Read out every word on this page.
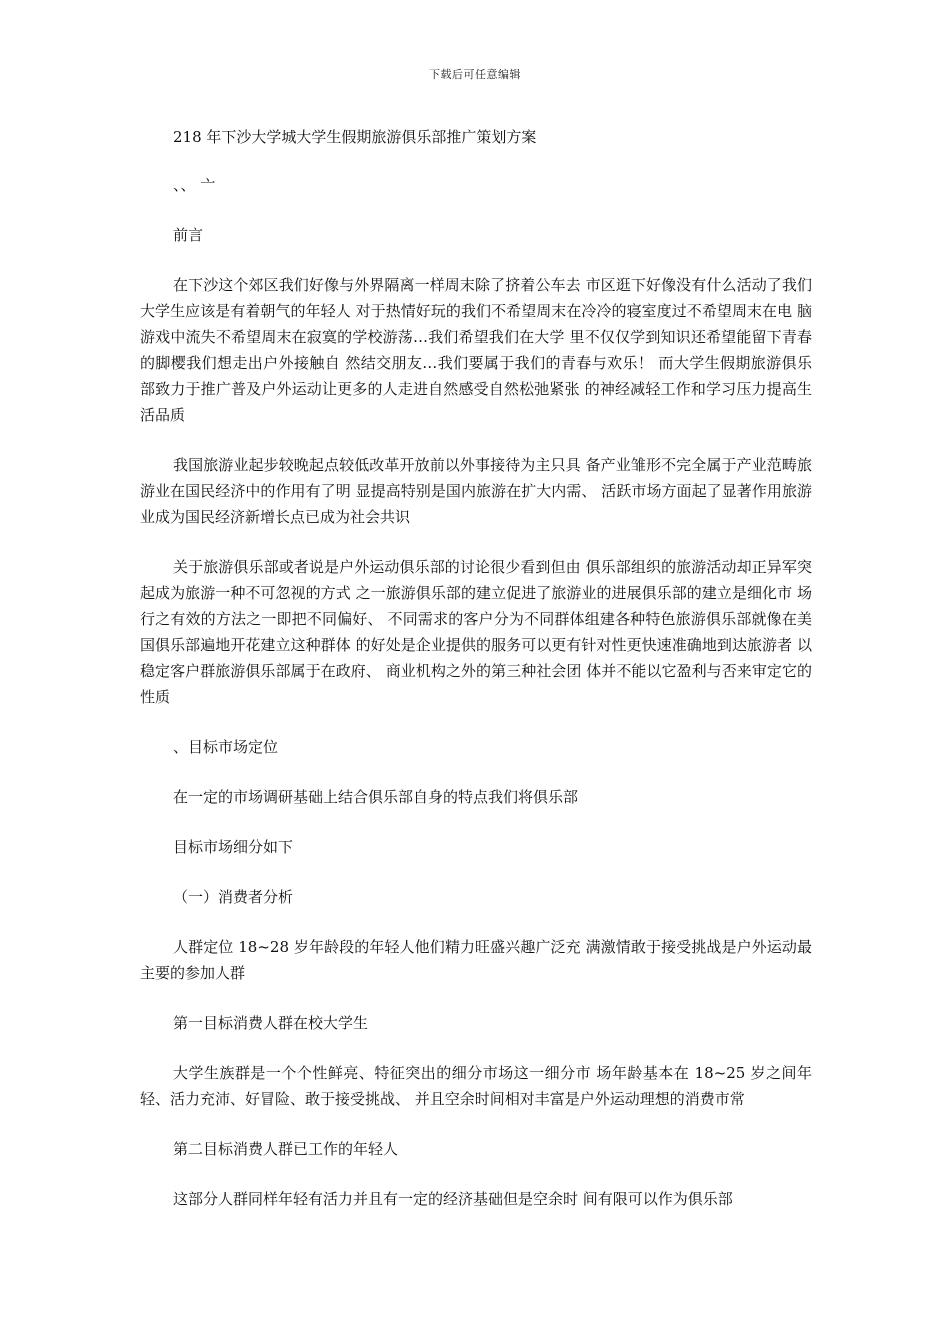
下载后可任意编辑

218 年下沙大学城大学生假期旅游俱乐部推广策划方案

、、 亠

前言

在下沙这个郊区我们好像与外界隔离一样周末除了挤着公车去 市区逛下好像没有什么活动了我们大学生应该是有着朝气的年轻人 对于热情好玩的我们不希望周末在冷冷的寝室度过不希望周末在电 脑游戏中流失不希望周末在寂寞的学校游荡…我们希望我们在大学 里不仅仅学到知识还希望能留下青春的脚樱我们想走出户外接触自 然结交朋友…我们要属于我们的青春与欢乐！ 而大学生假期旅游俱乐 部致力于推广普及户外运动让更多的人走进自然感受自然松弛紧张 的神经减轻工作和学习压力提高生活品质

我国旅游业起步较晚起点较低改革开放前以外事接待为主只具 备产业雏形不完全属于产业范畴旅游业在国民经济中的作用有了明 显提高特别是国内旅游在扩大内需、 活跃市场方面起了显著作用旅游 业成为国民经济新增长点已成为社会共识

关于旅游俱乐部或者说是户外运动俱乐部的讨论很少看到但由 俱乐部组织的旅游活动却正异军突起成为旅游一种不可忽视的方式 之一旅游俱乐部的建立促进了旅游业的进展俱乐部的建立是细化市 场行之有效的方法之一即把不同偏好、 不同需求的客户分为不同群体组建各种特色旅游俱乐部就像在美国俱乐部遍地开花建立这种群体 的好处是企业提供的服务可以更有针对性更快速准确地到达旅游者 以稳定客户群旅游俱乐部属于在政府、 商业机构之外的第三种社会团 体并不能以它盈利与否来审定它的性质

、目标市场定位

在一定的市场调研基础上结合俱乐部自身的特点我们将俱乐部

目标市场细分如下

（一）消费者分析

人群定位 18~28 岁年龄段的年轻人他们精力旺盛兴趣广泛充 满激情敢于接受挑战是户外运动最主要的参加人群

第一目标消费人群在校大学生

大学生族群是一个个性鲜亮、特征突出的细分市场这一细分市 场年龄基本在 18~25 岁之间年轻、活力充沛、好冒险、敢于接受挑战、 并且空余时间相对丰富是户外运动理想的消费市常

第二目标消费人群已工作的年轻人

这部分人群同样年轻有活力并且有一定的经济基础但是空余时 间有限可以作为俱乐部
